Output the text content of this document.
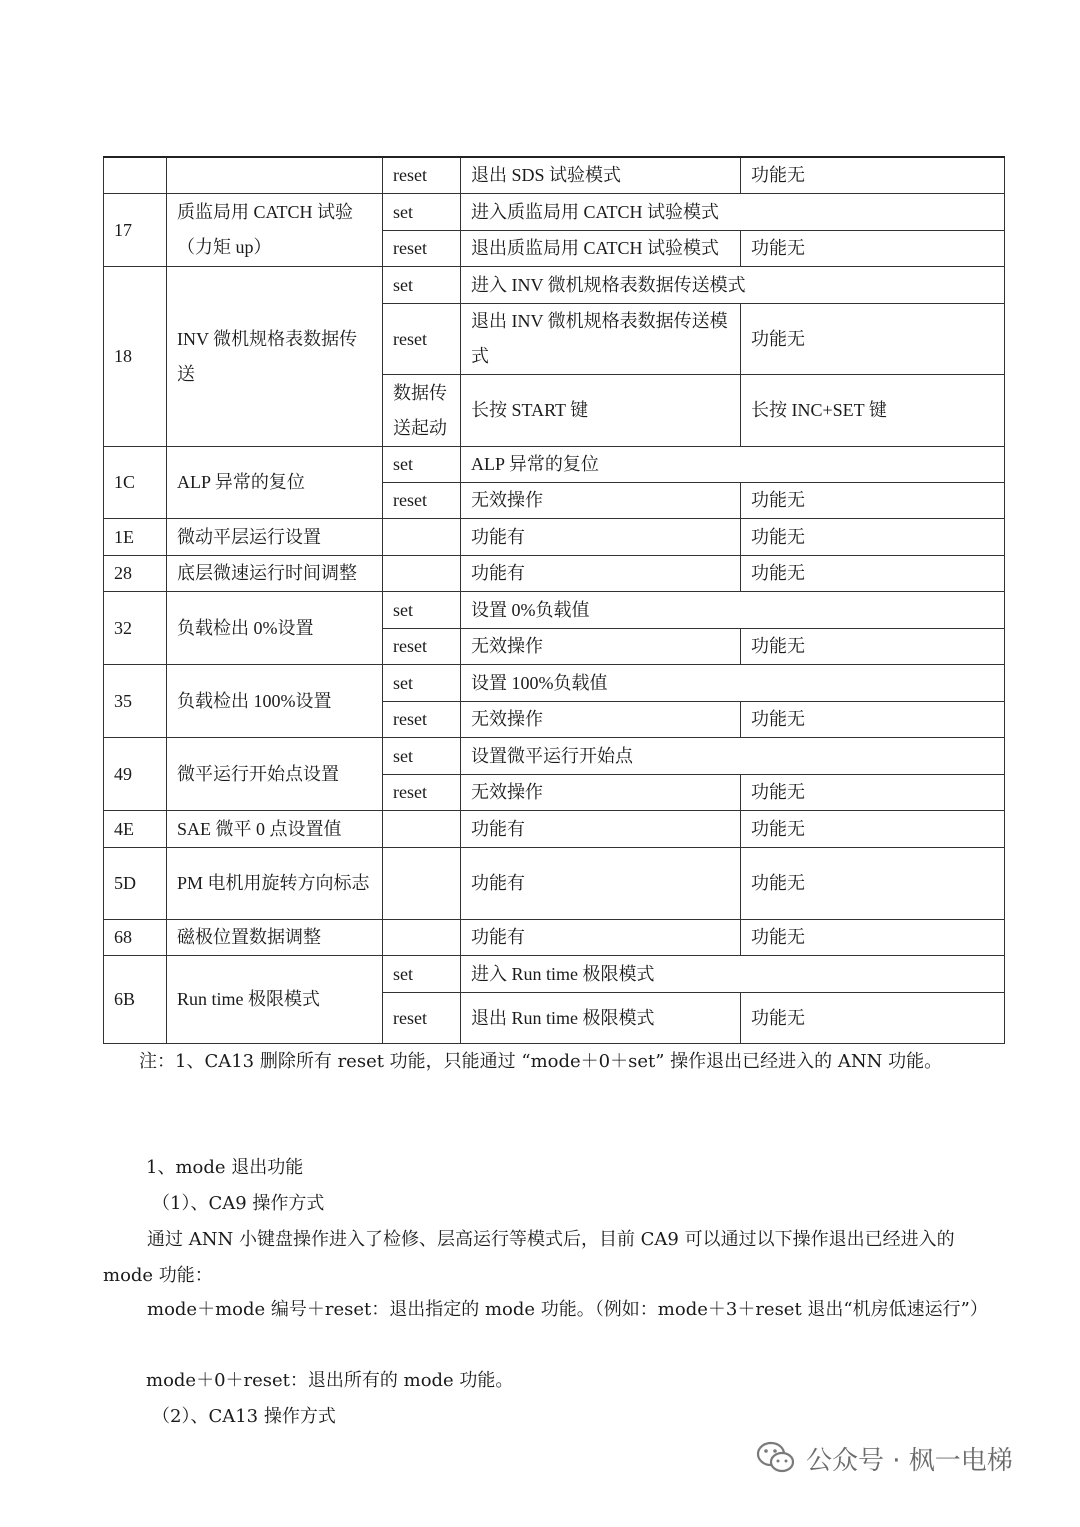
		reset	退出 SDS 试验模式	功能无
17	质监局用 CATCH 试验（力矩 up）	set	进入质监局用 CATCH 试验模式	
		reset	退出质监局用 CATCH 试验模式	功能无
18	INV 微机规格表数据传送	set	进入 INV 微机规格表数据传送模式	
		reset	退出 INV 微机规格表数据传送模式	功能无
		数据传送起动	长按 START 键	长按 INC+SET 键
1C	ALP 异常的复位	set	ALP 异常的复位	
		reset	无效操作	功能无
1E	微动平层运行设置		功能有	功能无
28	底层微速运行时间调整		功能有	功能无
32	负载检出 0%设置	set	设置 0%负载值	
		reset	无效操作	功能无
35	负载检出 100%设置	set	设置 100%负载值	
		reset	无效操作	功能无
49	微平运行开始点设置	set	设置微平运行开始点	
		reset	无效操作	功能无
4E	SAE 微平 0 点设置值		功能有	功能无
5D	PM 电机用旋转方向标志		功能有	功能无
68	磁极位置数据调整		功能有	功能无
6B	Run time 极限模式	set	进入 Run time 极限模式	
		reset	退出 Run time 极限模式	功能无
注：1、CA13 删除所有 reset 功能，只能通过 “mode＋0＋set” 操作退出已经进入的 ANN 功能。
1、mode 退出功能
（1）、CA9 操作方式
通过 ANN 小键盘操作进入了检修、层高运行等模式后，目前 CA9 可以通过以下操作退出已经进入的 mode 功能：
mode＋mode 编号＋reset：退出指定的 mode 功能。（例如：mode＋3＋reset 退出“机房低速运行”）
mode＋0＋reset：退出所有的 mode 功能。
（2）、CA13 操作方式
公众号 · 枫一电梯
